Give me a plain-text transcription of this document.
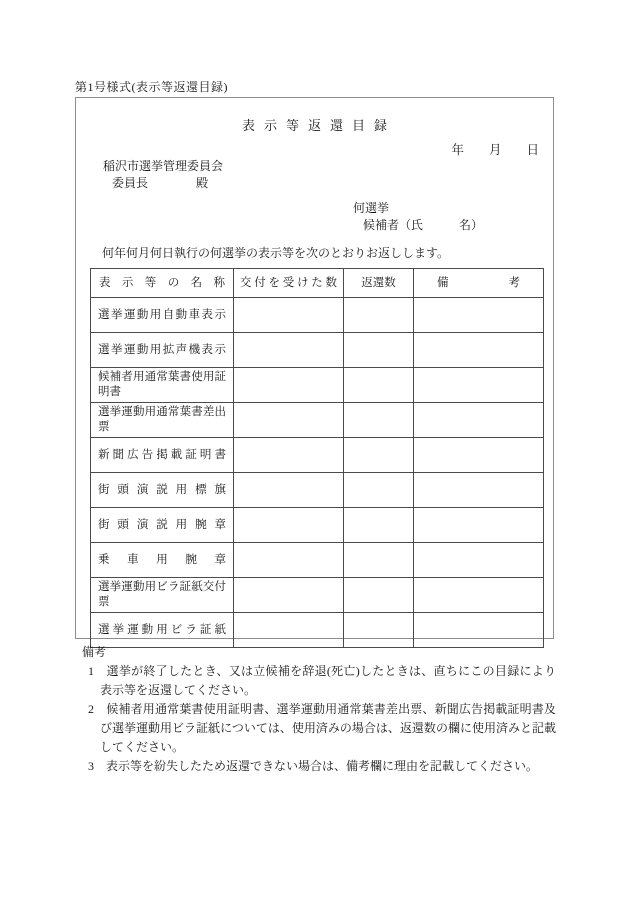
第1号様式(表示等返還目録)
表示等返還目録
年　　月　　日
稲沢市選挙管理委員会
委員長　　　　殿
何選挙
候補者（氏　　　名）
何年何月何日執行の何選挙の表示等を次のとおりお返しします。
表示等の名称	交付を受けた数	返還数	備考
選挙運動用自動車表示			
選挙運動用拡声機表示			
候補者用通常葉書使用証明書			
選挙運動用通常葉書差出票			
新聞広告掲載証明書			
街頭演説用標旗			
街頭演説用腕章			
乗車用腕章			
選挙運動用ビラ証紙交付票			
選挙運動用ビラ証紙			
備考

1　選挙が終了したとき、又は立候補を辞退(死亡)したときは、直ちにこの目録により表示等を返還してください。

2　候補者用通常葉書使用証明書、選挙運動用通常葉書差出票、新聞広告掲載証明書及び選挙運動用ビラ証紙については、使用済みの場合は、返還数の欄に使用済みと記載してください。

3　表示等を紛失したため返還できない場合は、備考欄に理由を記載してください。
